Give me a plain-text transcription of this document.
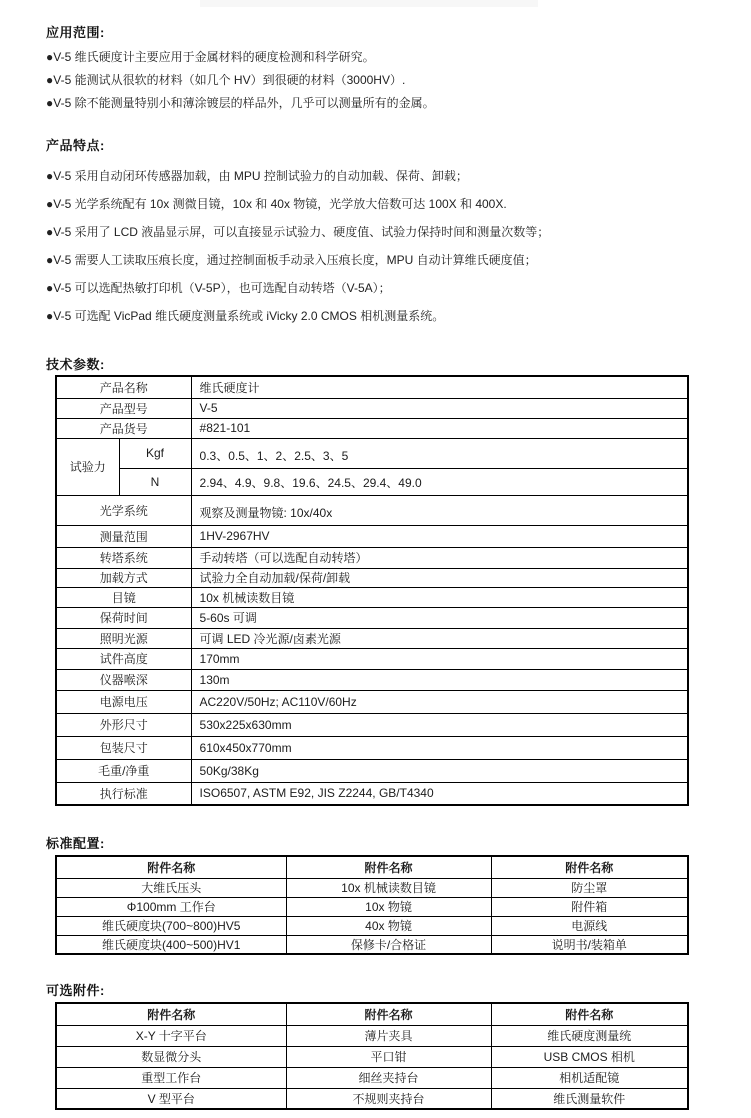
应用范围:

●V-5 维氏硬度计主要应用于金属材料的硬度检测和科学研究。

●V-5 能测试从很软的材料（如几个 HV）到很硬的材料（3000HV）.

●V-5 除不能测量特别小和薄涂镀层的样品外，几乎可以测量所有的金属。

产品特点:

●V-5 采用自动闭环传感器加载，由 MPU 控制试验力的自动加载、保荷、卸载；

●V-5 光学系统配有 10x 测微目镜，10x 和 40x 物镜，光学放大倍数可达 100X 和 400X.

●V-5 采用了 LCD 液晶显示屏，可以直接显示试验力、硬度值、试验力保持时间和测量次数等；

●V-5 需要人工读取压痕长度，通过控制面板手动录入压痕长度，MPU 自动计算维氏硬度值；

●V-5 可以选配热敏打印机（V-5P），也可选配自动转塔（V-5A）；

●V-5 可选配 VicPad 维氏硬度测量系统或 iVicky 2.0 CMOS 相机测量系统。

技术参数:
产品名称		维氏硬度计
产品型号		V-5
产品货号		#821-101
试验力	Kgf	0.3、0.5、1、2、2.5、3、5
	N	2.94、4.9、9.8、19.6、24.5、29.4、49.0
光学系统		观察及测量物镜: 10x/40x
测量范围		1HV-2967HV
转塔系统		手动转塔（可以选配自动转塔）
加载方式		试验力全自动加载/保荷/卸载
目镜		10x 机械读数目镜
保荷时间		5-60s 可调
照明光源		可调 LED 冷光源/卤素光源
试件高度		170mm
仪器喉深		130m
电源电压		AC220V/50Hz; AC110V/60Hz
外形尺寸		530x225x630mm
包装尺寸		610x450x770mm
毛重/净重		50Kg/38Kg
执行标准		ISO6507, ASTM E92, JIS Z2244, GB/T4340
标准配置:
附件名称	附件名称	附件名称
大维氏压头	10x 机械读数目镜	防尘罩
Φ100mm 工作台	10x 物镜	附件箱
维氏硬度块(700~800)HV5	40x 物镜	电源线
维氏硬度块(400~500)HV1	保修卡/合格证	说明书/装箱单
可选附件:
附件名称	附件名称	附件名称
X-Y 十字平台	薄片夹具	维氏硬度测量统
数显微分头	平口钳	USB CMOS 相机
重型工作台	细丝夹持台	相机适配镜
V 型平台	不规则夹持台	维氏测量软件
